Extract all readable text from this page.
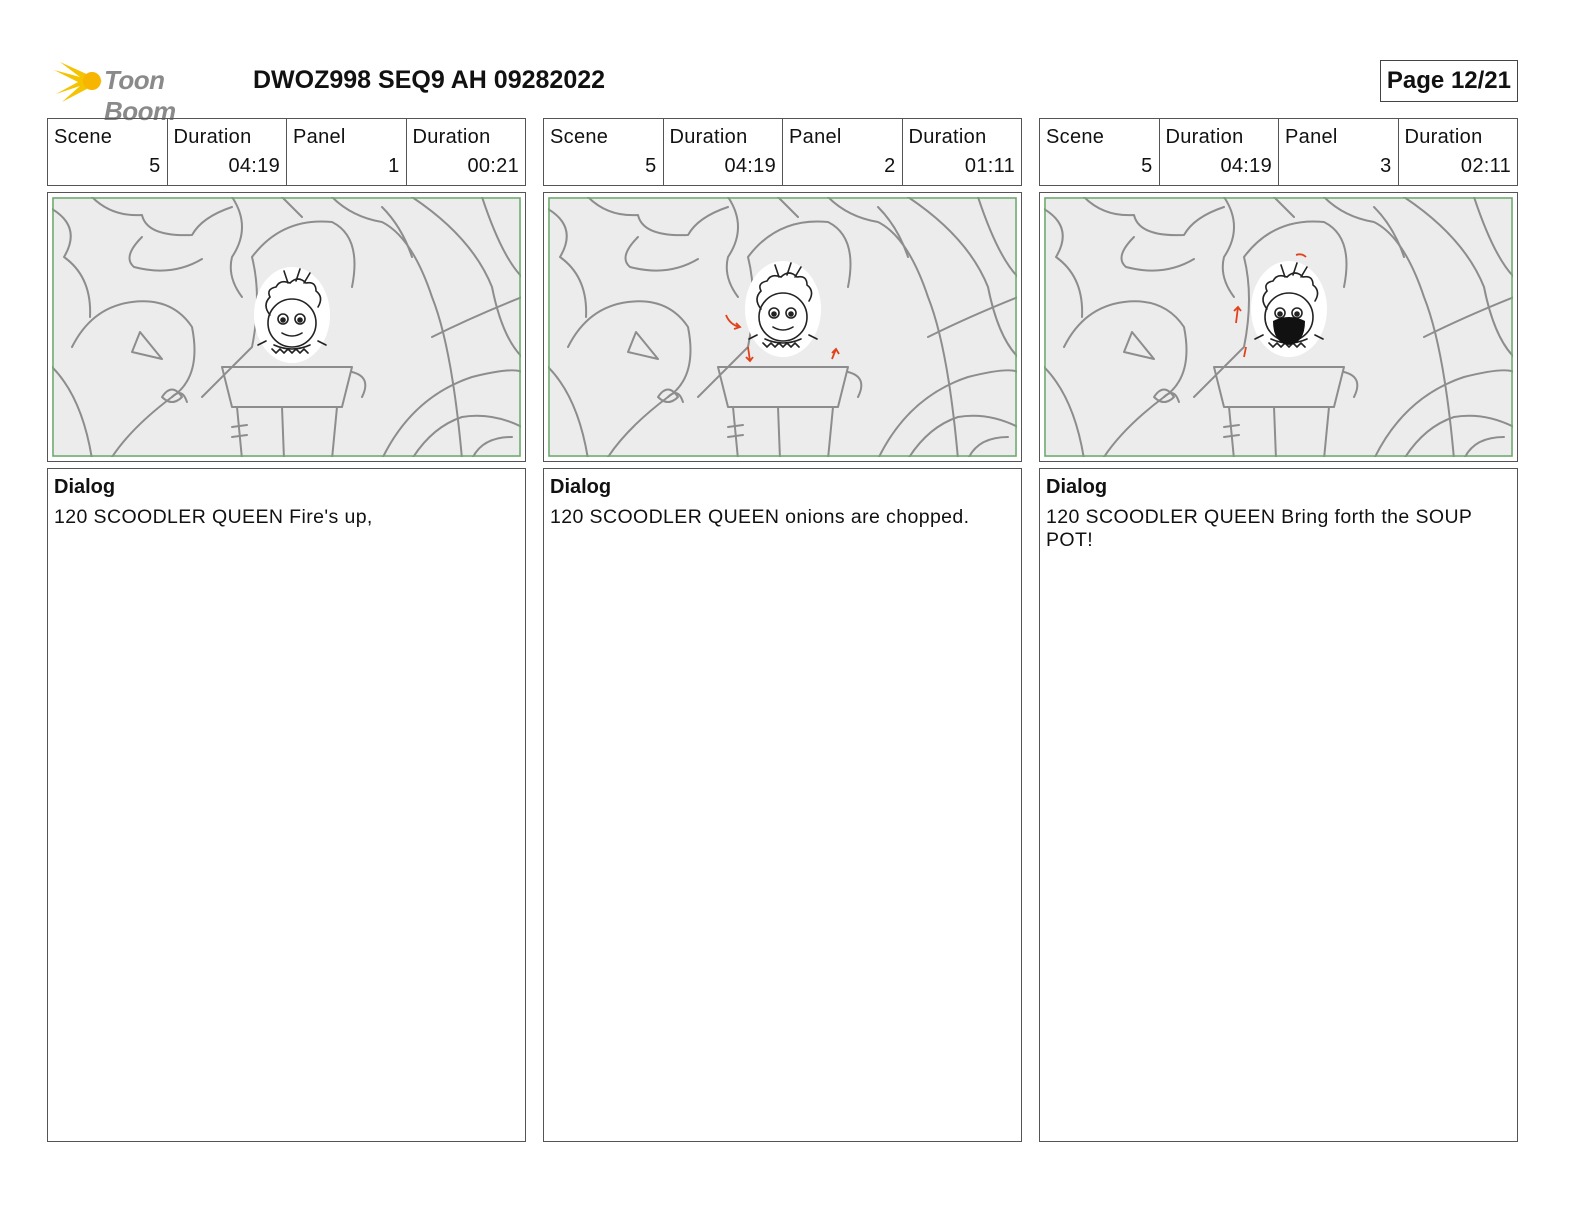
Toon Boom
DWOZ998 SEQ9 AH 09282022	Page 12/21
Scene
5
Duration
04:19
Panel
1
Duration
00:21
Dialog
120 SCOODLER QUEEN Fire's up,
Scene
5
Duration
04:19
Panel
2
Duration
01:11
Dialog
120 SCOODLER QUEEN onions are chopped.
Scene
5
Duration
04:19
Panel
3
Duration
02:11
Dialog
120 SCOODLER QUEEN Bring forth the SOUP POT!
